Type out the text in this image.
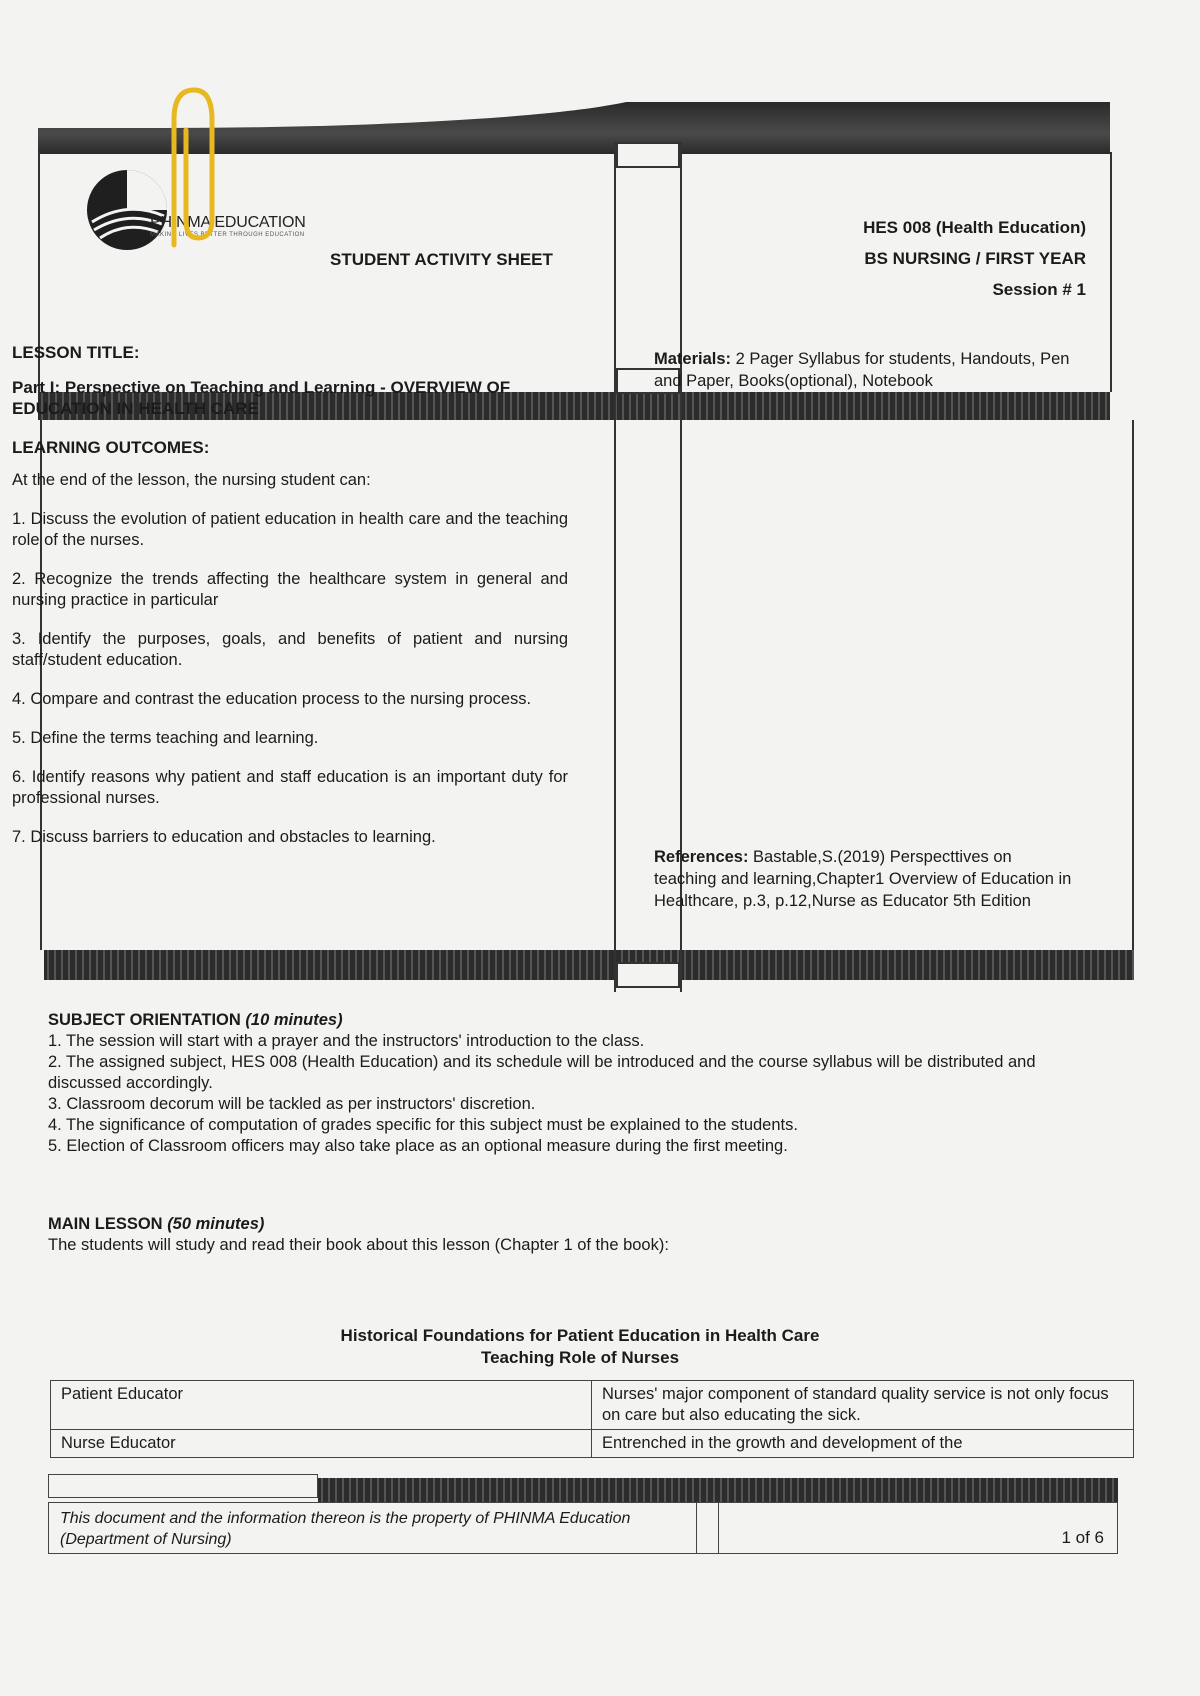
PHINMA EDUCATION
MAKING LIVES BETTER THROUGH EDUCATION
STUDENT ACTIVITY SHEET
HES 008 (Health Education)
BS NURSING / FIRST YEAR
Session # 1
LESSON TITLE:

Part I: Perspective on Teaching and Learning - OVERVIEW OF EDUCATION IN HEALTH CARE

LEARNING OUTCOMES:

At the end of the lesson, the nursing student can:

1. Discuss the evolution of patient education in health care and the teaching role of the nurses.

2. Recognize the trends affecting the healthcare system in general and nursing practice in particular

3. Identify the purposes, goals, and benefits of patient and nursing staff/student education.

4. Compare and contrast the education process to the nursing process.

5. Define the terms teaching and learning.

6. Identify reasons why patient and staff education is an important duty for professional nurses.

7. Discuss barriers to education and obstacles to learning.

Materials: 2 Pager Syllabus for students, Handouts, Pen and Paper, Books(optional), Notebook
References: Bastable,S.(2019) Perspecttives on teaching and learning,Chapter1 Overview of Education in Healthcare, p.3, p.12,Nurse as Educator 5th Edition
SUBJECT ORIENTATION (10 minutes)

1. The session will start with a prayer and the instructors' introduction to the class.

2. The assigned subject, HES 008 (Health Education) and its schedule will be introduced and the course syllabus will be distributed and discussed accordingly.

3. Classroom decorum will be tackled as per instructors' discretion.

4. The significance of computation of grades specific for this subject must be explained to the students.

5. Election of Classroom officers may also take place as an optional measure during the first meeting.

MAIN LESSON (50 minutes)

The students will study and read their book about this lesson (Chapter 1 of the book):

Historical Foundations for Patient Education in Health Care
Teaching Role of Nurses
Patient Educator	Nurses' major component of standard quality service is not only focus on care but also educating the sick.
Nurse Educator	Entrenched in the growth and development of the
This document and the information thereon is the property of PHINMA Education (Department of Nursing)	1 of 6
